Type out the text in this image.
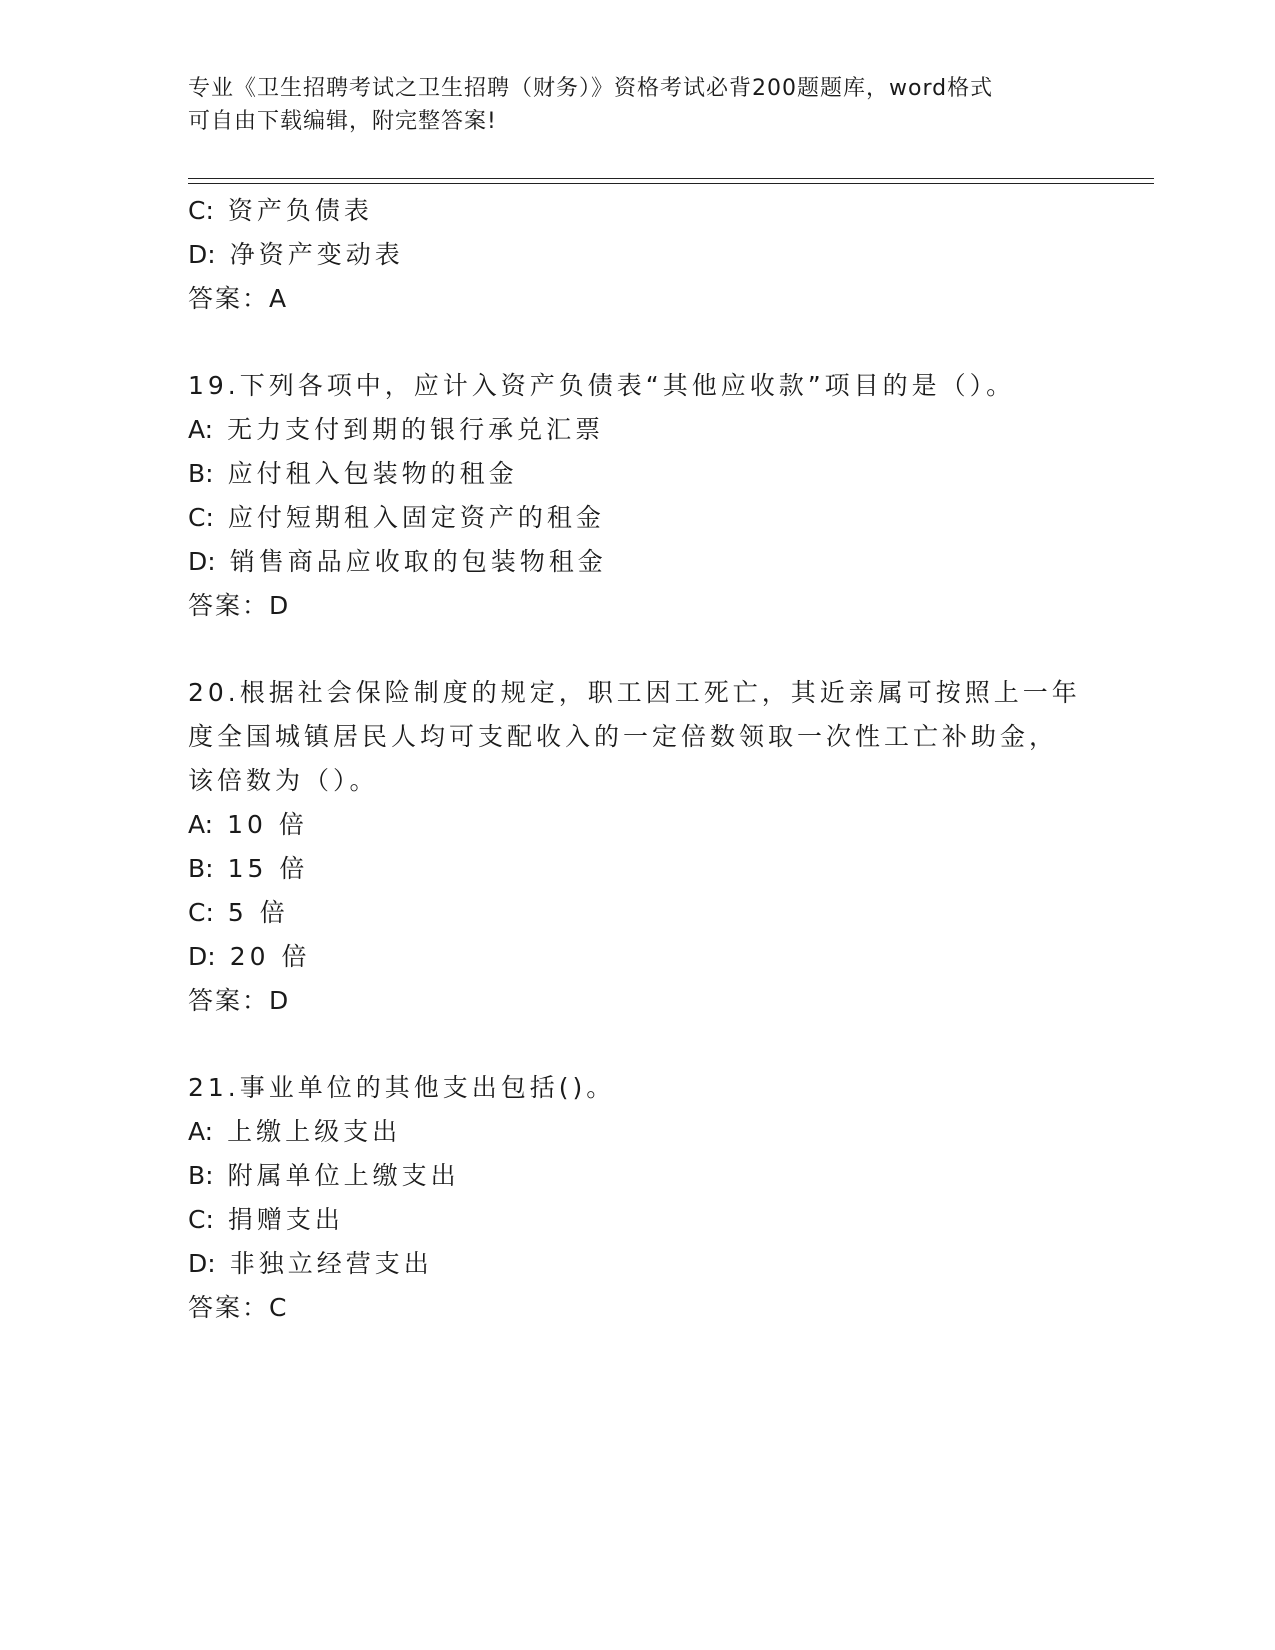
专业《卫生招聘考试之卫生招聘（财务）》资格考试必背200题题库，word格式
可自由下载编辑，附完整答案!
C: 资产负债表
D: 净资产变动表
答案：A
19.下列各项中，应计入资产负债表“其他应收款”项目的是（）。
A: 无力支付到期的银行承兑汇票
B: 应付租入包装物的租金
C: 应付短期租入固定资产的租金
D: 销售商品应收取的包装物租金
答案：D
20.根据社会保险制度的规定，职工因工死亡，其近亲属可按照上一年
度全国城镇居民人均可支配收入的一定倍数领取一次性工亡补助金，
该倍数为（）。
A: 10 倍
B: 15 倍
C: 5 倍
D: 20 倍
答案：D
21.事业单位的其他支出包括()。
A: 上缴上级支出
B: 附属单位上缴支出
C: 捐赠支出
D: 非独立经营支出
答案：C
